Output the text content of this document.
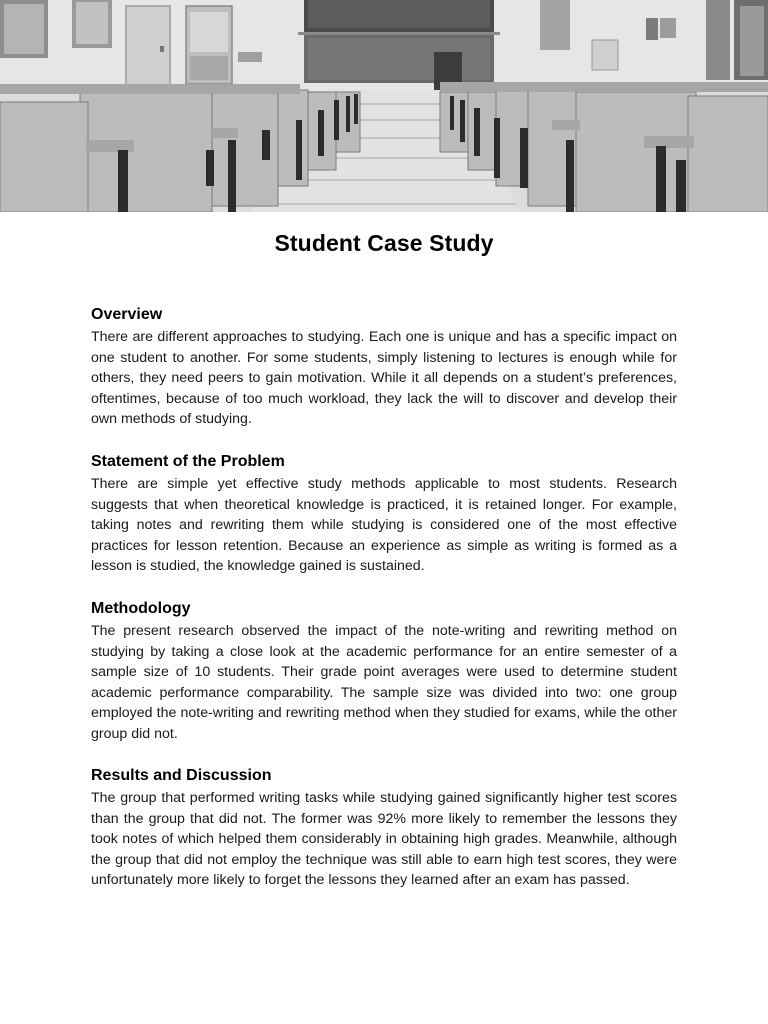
Student Case Study
Overview

There are different approaches to studying. Each one is unique and has a specific impact on one student to another. For some students, simply listening to lectures is enough while for others, they need peers to gain motivation. While it all depends on a student’s preferences, oftentimes, because of too much workload, they lack the will to discover and develop their own methods of studying.

Statement of the Problem

There are simple yet effective study methods applicable to most students. Research suggests that when theoretical knowledge is practiced, it is retained longer. For example, taking notes and rewriting them while studying is considered one of the most effective practices for lesson retention. Because an experience as simple as writing is formed as a lesson is studied, the knowledge gained is sustained.

Methodology

The present research observed the impact of the note-writing and rewriting method on studying by taking a close look at the academic performance for an entire semester of a sample size of 10 students. Their grade point averages were used to determine student academic performance comparability. The sample size was divided into two: one group employed the note-writing and rewriting method when they studied for exams, while the other group did not.

Results and Discussion

The group that performed writing tasks while studying gained significantly higher test scores than the group that did not. The former was 92% more likely to remember the lessons they took notes of which helped them considerably in obtaining high grades. Meanwhile, although the group that did not employ the technique was still able to earn high test scores, they were unfortunately more likely to forget the lessons they learned after an exam has passed.
